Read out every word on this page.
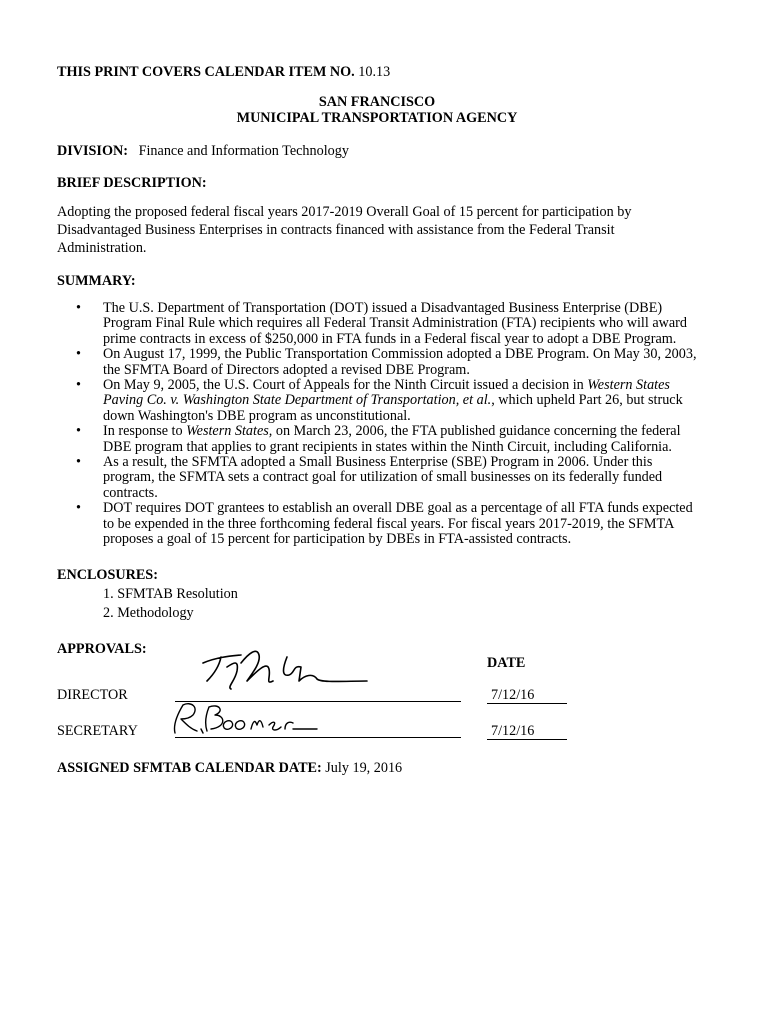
THIS PRINT COVERS CALENDAR ITEM NO. 10.13

SAN FRANCISCO
MUNICIPAL TRANSPORTATION AGENCY

DIVISION: Finance and Information Technology

BRIEF DESCRIPTION:

Adopting the proposed federal fiscal years 2017-2019 Overall Goal of 15 percent for participation by Disadvantaged Business Enterprises in contracts financed with assistance from the Federal Transit Administration.

SUMMARY:

• The U.S. Department of Transportation (DOT) issued a Disadvantaged Business Enterprise (DBE) Program Final Rule which requires all Federal Transit Administration (FTA) recipients who will award prime contracts in excess of $250,000 in FTA funds in a Federal fiscal year to adopt a DBE Program.
• On August 17, 1999, the Public Transportation Commission adopted a DBE Program. On May 30, 2003, the SFMTA Board of Directors adopted a revised DBE Program.
• On May 9, 2005, the U.S. Court of Appeals for the Ninth Circuit issued a decision in Western States Paving Co. v. Washington State Department of Transportation, et al., which upheld Part 26, but struck down Washington's DBE program as unconstitutional.
• In response to Western States, on March 23, 2006, the FTA published guidance concerning the federal DBE program that applies to grant recipients in states within the Ninth Circuit, including California.
• As a result, the SFMTA adopted a Small Business Enterprise (SBE) Program in 2006. Under this program, the SFMTA sets a contract goal for utilization of small businesses on its federally funded contracts.
• DOT requires DOT grantees to establish an overall DBE goal as a percentage of all FTA funds expected to be expended in the three forthcoming federal fiscal years. For fiscal years 2017-2019, the SFMTA proposes a goal of 15 percent for participation by DBEs in FTA-assisted contracts.
ENCLOSURES:
1. SFMTAB Resolution
2. Methodology
APPROVALS:
DATE
DIRECTOR	7/12/16
SECRETARY	7/12/16

ASSIGNED SFMTAB CALENDAR DATE: July 19, 2016
